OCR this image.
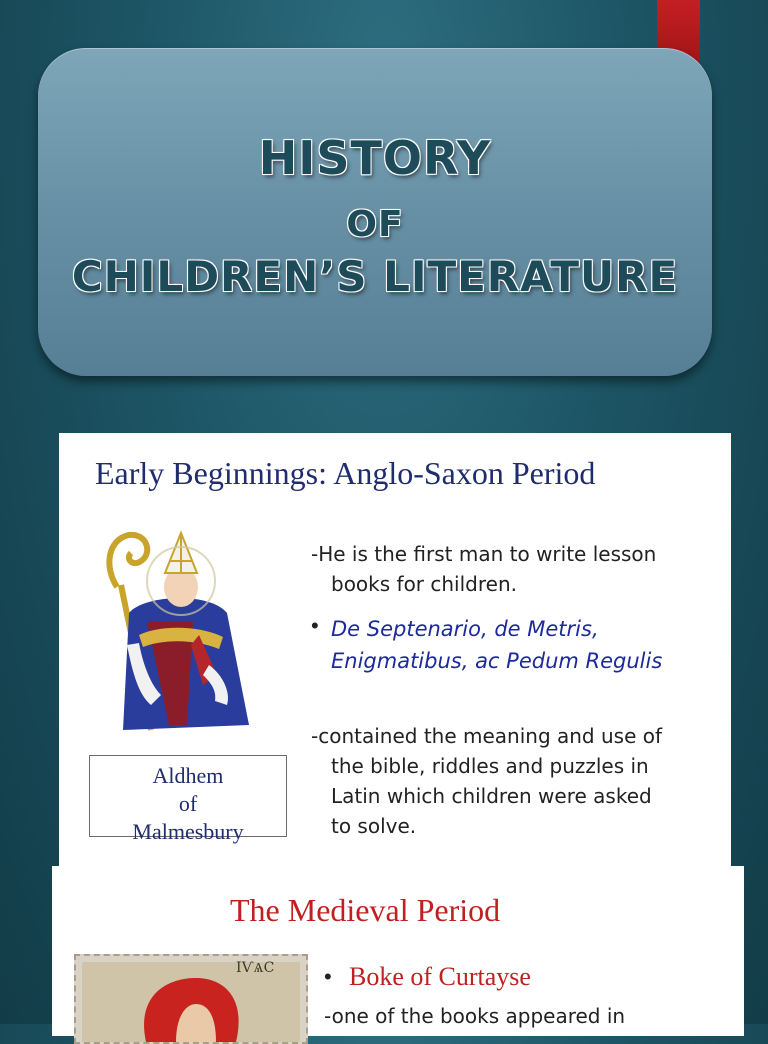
HISTORY
OF
CHILDREN’S LITERATURE
Early Beginnings: Anglo-Saxon Period
Aldhem
of
Malmesbury
-He is the first man to write lesson
books for children.
• De Septenario, de Metris, Enigmatibus, ac Pedum Regulis
-contained the meaning and use of
the bible, riddles and puzzles in
Latin which children were asked
to solve.
The Medieval Period
ІѴѦС • Boke of Curtayse
-one of the books appeared in
